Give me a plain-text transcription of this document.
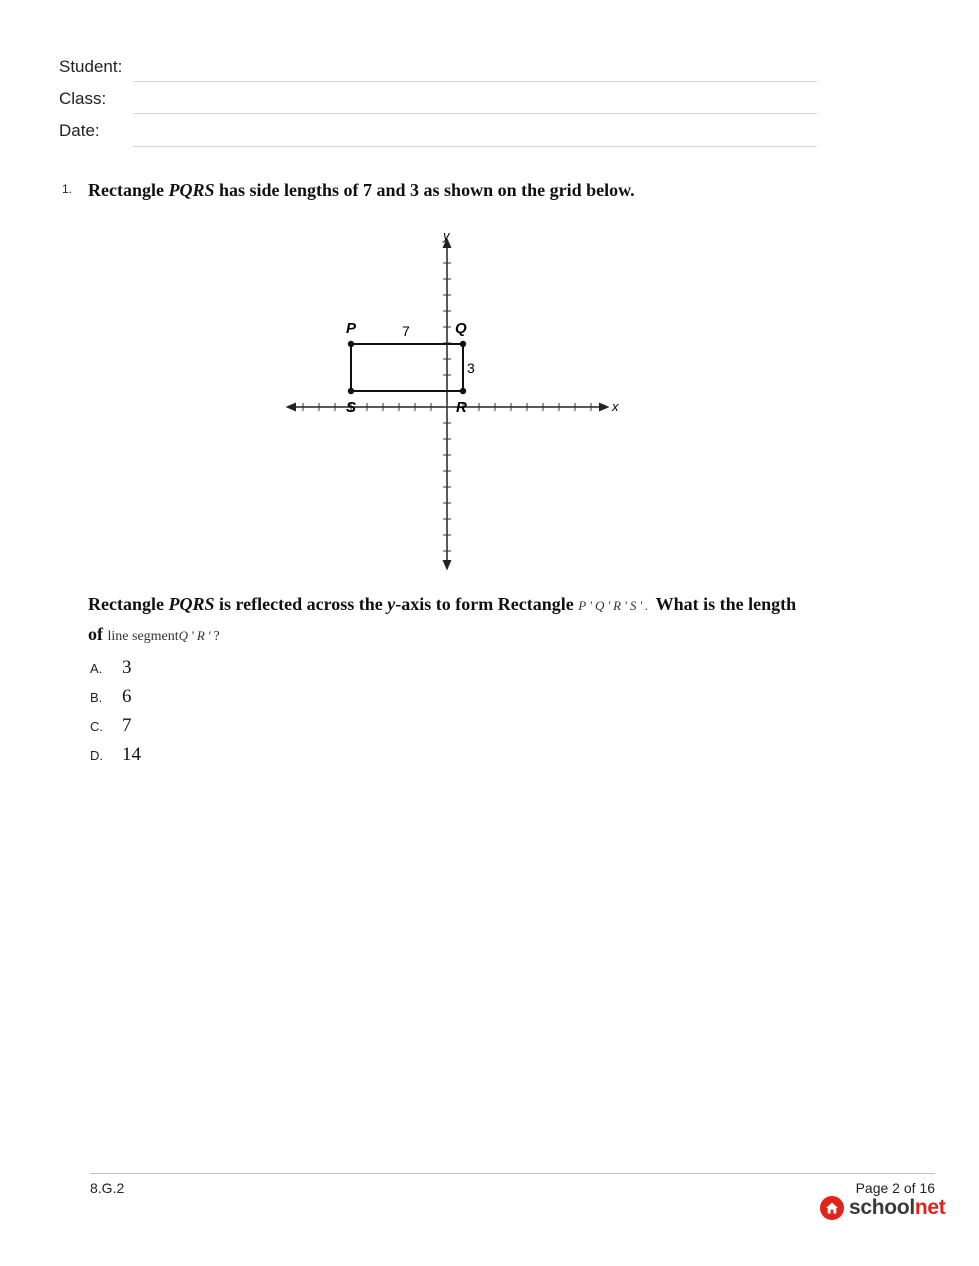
Student:
Class:
Date:
1. Rectangle PQRS has side lengths of 7 and 3 as shown on the grid below.
P	Q
S	R
7
3
x
y
Rectangle PQRS is reflected across the y-axis to form Rectangle P'Q'R'S'. What is the length of line segmentQ'R'?
A.	3
B.	6
C.	7
D.	14
8.G.2	Page 2 of 16
schoolnet
